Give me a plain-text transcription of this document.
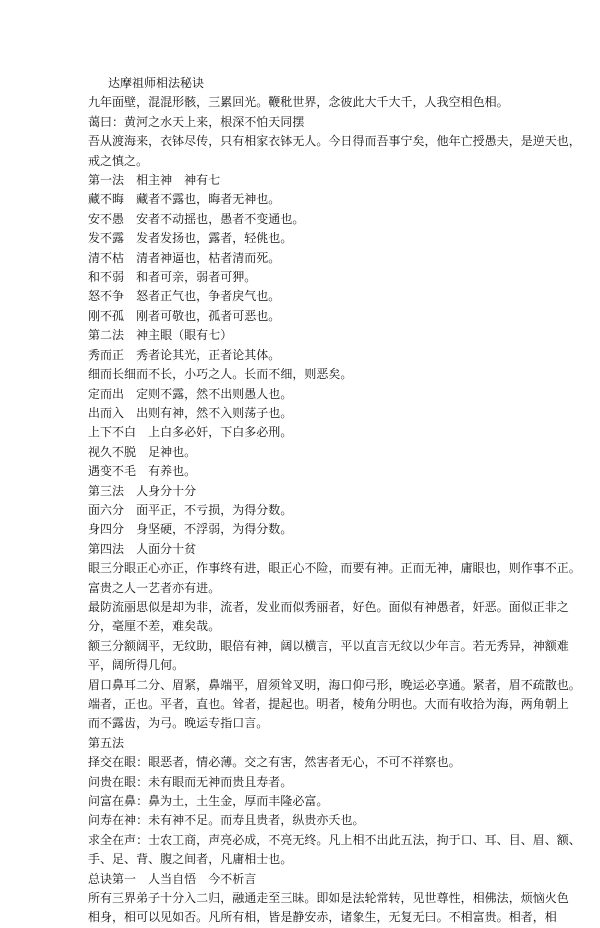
达摩祖师相法秘诀
九年面壁，混混形骸，三累回光。鞭秕世界，念彼此大千大千，人我空相色相。
蔼曰：黄河之水天上来，根深不怕天同摆
吾从渡海来，衣钵尽传，只有相家衣钵无人。今日得而吾事宁矣，他年亡授愚夫，是逆天也，
戒之慎之。
第一法　相主神　神有七
藏不晦　藏者不露也，晦者无神也。
安不愚　安者不动摇也，愚者不变通也。
发不露　发者发扬也，露者，轻佻也。
清不枯　清者神逼也，枯者清而死。
和不弱　和者可亲，弱者可狎。
怒不争　怒者正气也，争者戾气也。
刚不孤　刚者可敬也，孤者可恶也。
第二法　神主眼（眼有七）
秀而正　秀者论其光，正者论其体。
细而长细而不长，小巧之人。长而不细，则恶矣。
定而出　定则不露，然不出则愚人也。
出而入　出则有神，然不入则荡子也。
上下不白　上白多必奸，下白多必刑。
视久不脱　足神也。
遇变不毛　有养也。
第三法　人身分十分
面六分　面平正，不亏损，为得分数。
身四分　身坚硬，不浮弱，为得分数。
第四法　人面分十贫
眼三分眼正心亦正，作事终有进，眼正心不险，而要有神。正而无神，庸眼也，则作事不正。
富贵之人一艺者亦有进。
最防流丽思似是却为非，流者，发业而似秀丽者，好色。面似有神愚者，奸恶。面似正非之
分，毫厘不差，难矣哉。
额三分额阔平，无纹助，眼倍有神，阔以横言，平以直言无纹以少年言。若无秀异，神额难
平，阔所得几何。
眉口鼻耳二分、眉紧，鼻端平，眉须耸叉明，海口仰弓形，晚运必享通。紧者，眉不疏散也。
端者，正也。平者，直也。耸者，提起也。明者，棱角分明也。大而有收拾为海，两角朝上
而不露齿，为弓。晚运专指口言。
第五法
择交在眼：眼恶者，情必薄。交之有害，然害者无心，不可不祥察也。
问贵在眼：未有眼而无神而贵且寿者。
问富在鼻：鼻为土，土生金，厚而丰隆必富。
问寿在神：未有神不足。而寿且贵者，纵贵亦夭也。
求全在声：士农工商，声亮必成，不亮无终。凡上相不出此五法，拘于口、耳、目、眉、额、
手、足、背、腹之间者，凡庸相士也。
总诀第一　人当自悟　今不析言
所有三界弟子十分入二归，融通走至三昧。即如是法轮常转，见世尊性，相佛法，烦恼火色
相身，相可以见如否。凡所有相，皆是静安赤，诸象生，无复无曰。不相富贵。相者，相
